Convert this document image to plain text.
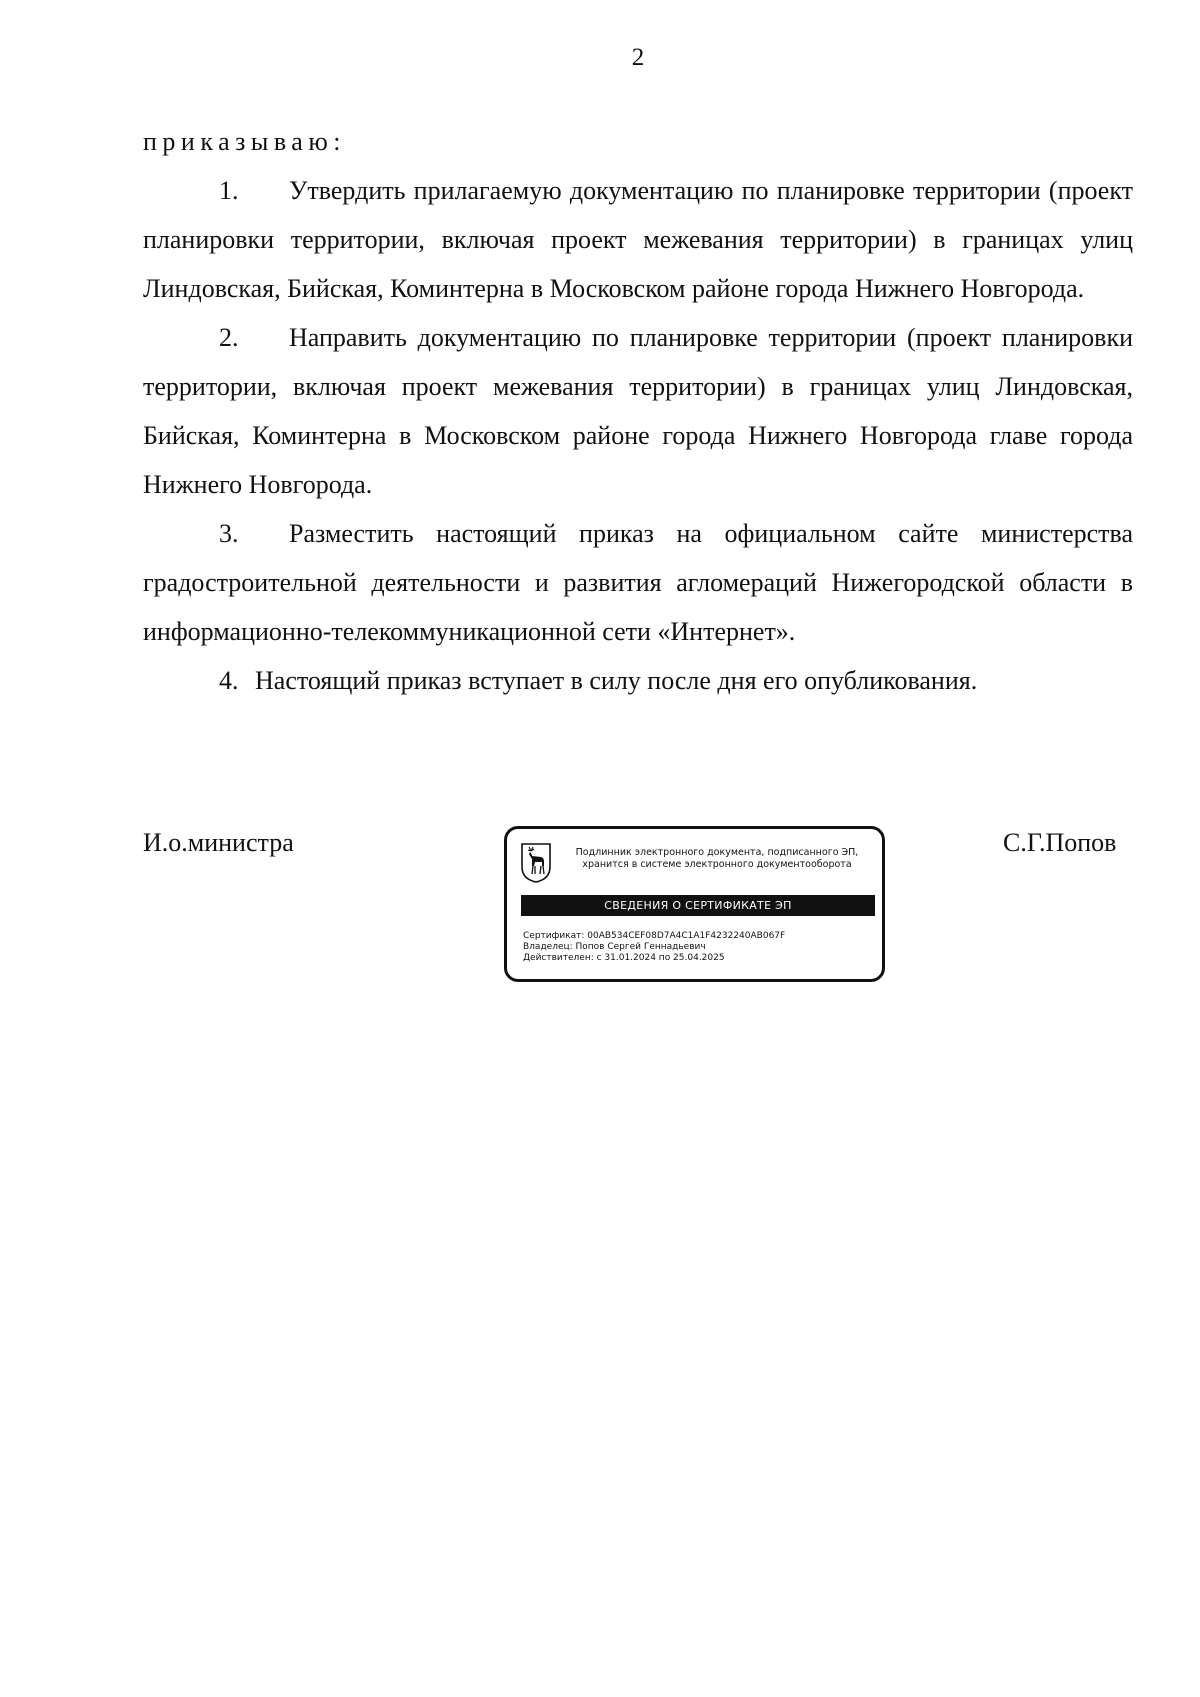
2

приказываю:

1. Утвердить прилагаемую документацию по планировке территории (проект планировки территории, включая проект межевания территории) в границах улиц Линдовская, Бийская, Коминтерна в Московском районе города Нижнего Новгорода.

2. Направить документацию по планировке территории (проект планировки территории, включая проект межевания территории) в границах улиц Линдовская, Бийская, Коминтерна в Московском районе города Нижнего Новгорода главе города Нижнего Новгорода.

3. Разместить настоящий приказ на официальном сайте министерства градостроительной деятельности и развития агломераций Нижегородской области в информационно-телекоммуникационной сети «Интернет».

4. Настоящий приказ вступает в силу после дня его опубликования.

И.о.министра	С.Г.Попов
Подлинник электронного документа, подписанного ЭП,
хранится в системе электронного документооборота
СВЕДЕНИЯ О СЕРТИФИКАТЕ ЭП
Сертификат: 00AB534CEF08D7A4C1A1F4232240AB067F
Владелец: Попов Сергей Геннадьевич
Действителен: с 31.01.2024 по 25.04.2025
